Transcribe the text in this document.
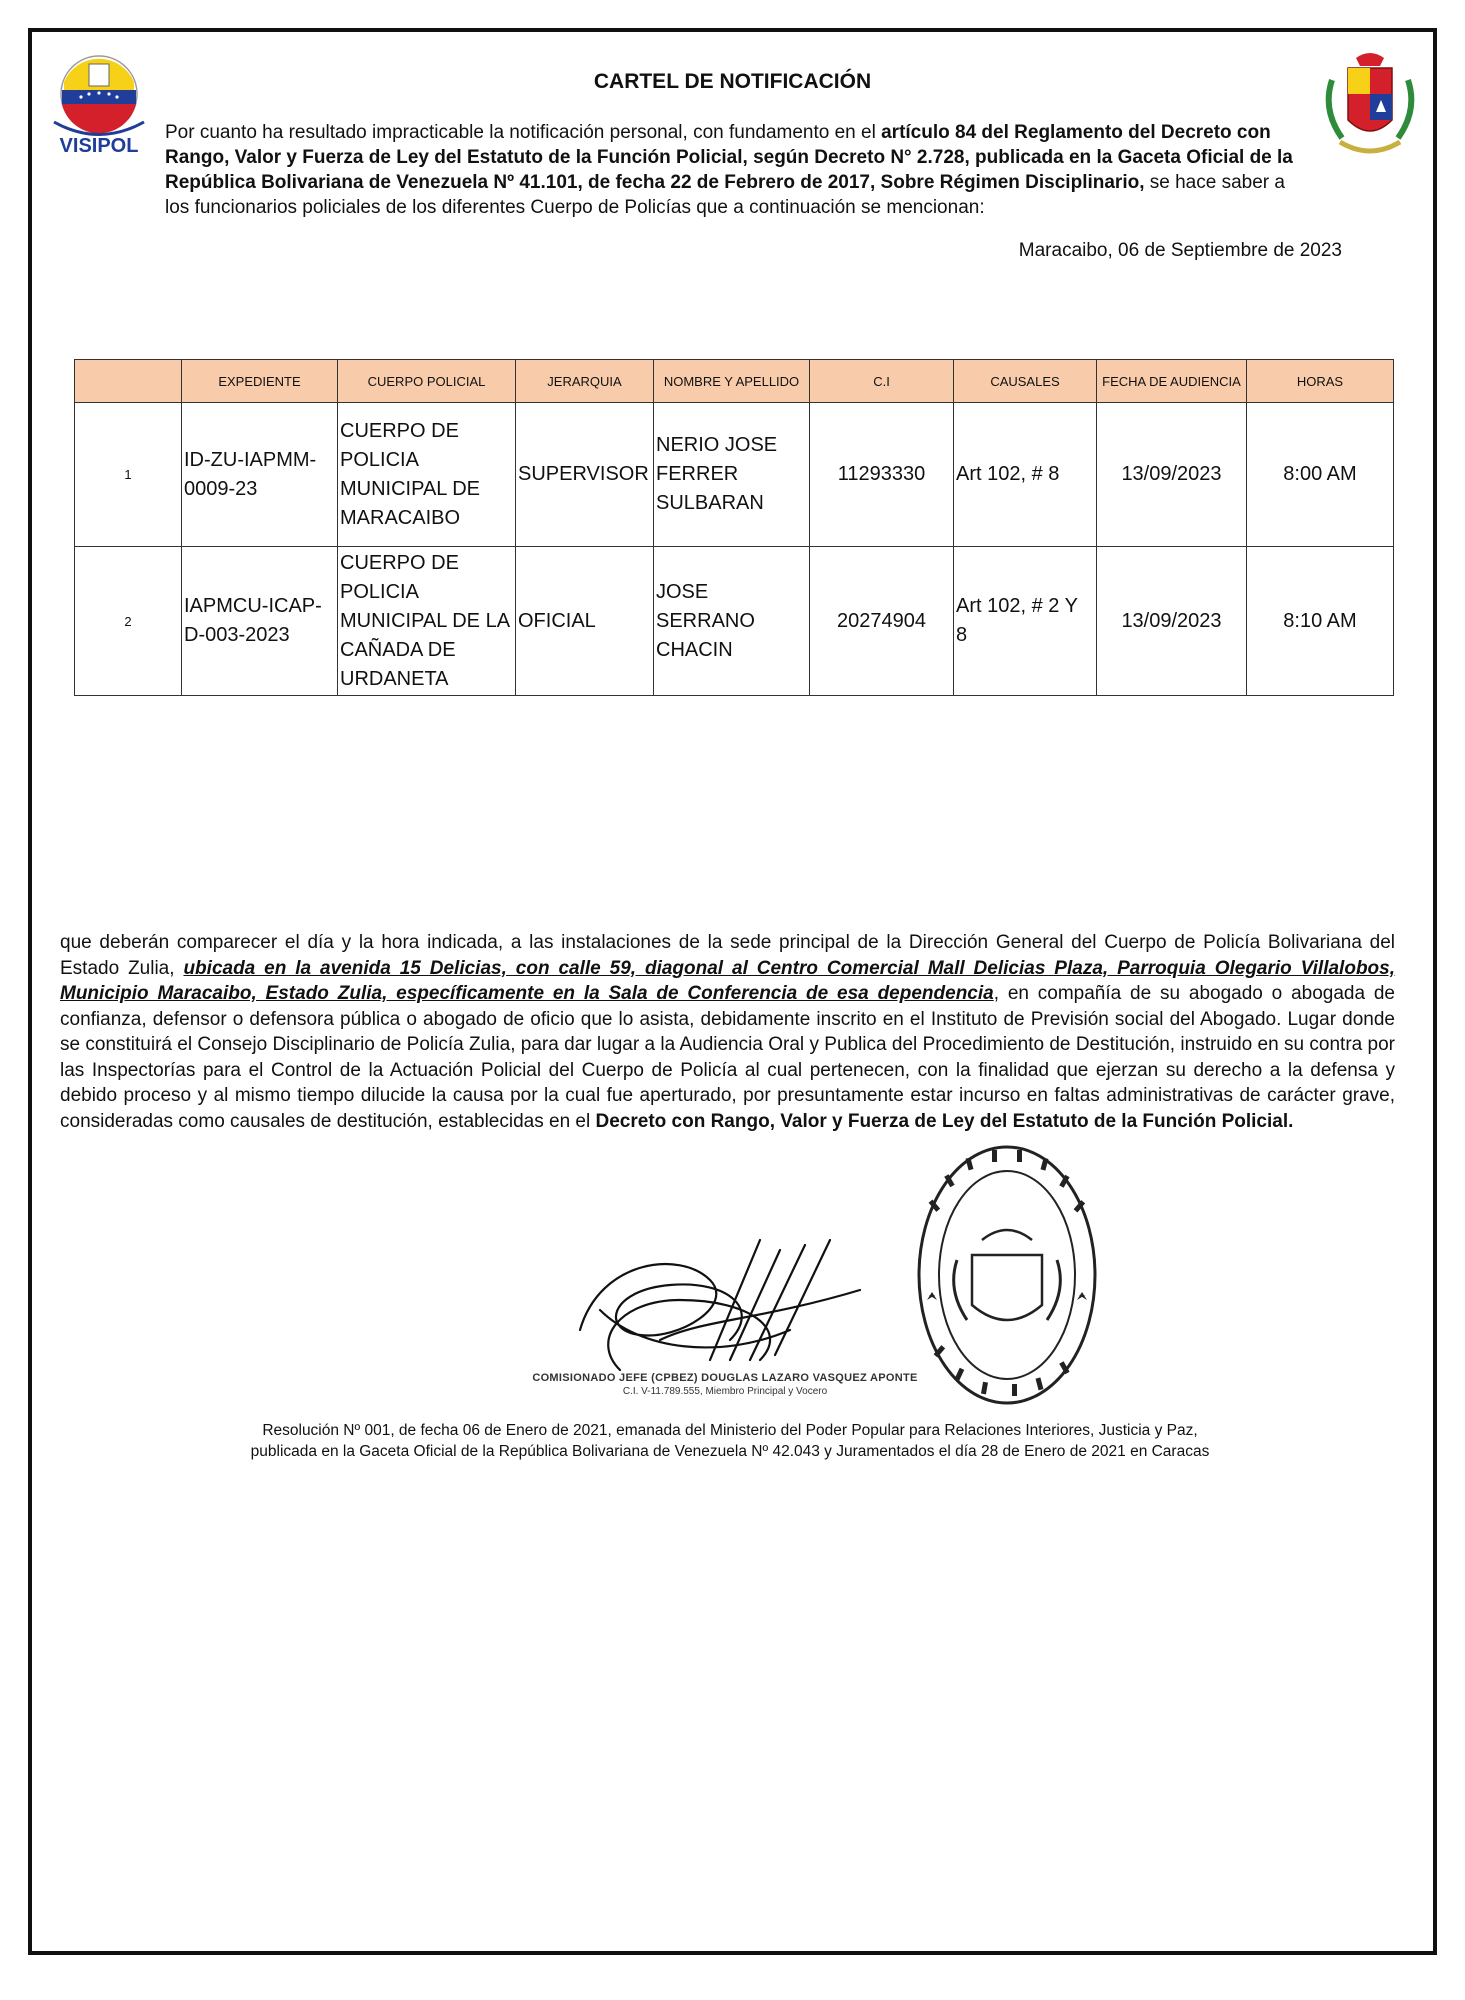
VISIPOL
CARTEL DE NOTIFICACIÓN
Por cuanto ha resultado impracticable la notificación personal, con fundamento en el artículo 84 del Reglamento del Decreto con Rango, Valor y Fuerza de Ley del Estatuto de la Función Policial, según Decreto N° 2.728, publicada en la Gaceta Oficial de la República Bolivariana de Venezuela Nº 41.101, de fecha 22 de Febrero de 2017, Sobre Régimen Disciplinario, se hace saber a los funcionarios policiales de los diferentes Cuerpo de Policías que a continuación se mencionan:
Maracaibo, 06 de Septiembre de 2023
	EXPEDIENTE	CUERPO POLICIAL	JERARQUIA	NOMBRE Y APELLIDO	C.I	CAUSALES	FECHA DE AUDIENCIA	HORAS
1	ID-ZU-IAPMM-0009-23	CUERPO DE POLICIA MUNICIPAL DE MARACAIBO	SUPERVISOR	NERIO JOSE FERRER SULBARAN	11293330	Art 102, # 8	13/09/2023	8:00 AM
2	IAPMCU-ICAP-D-003-2023	CUERPO DE POLICIA MUNICIPAL DE LA CAÑADA DE URDANETA	OFICIAL	JOSE SERRANO CHACIN	20274904	Art 102, # 2 Y 8	13/09/2023	8:10 AM
que deberán comparecer el día y la hora indicada, a las instalaciones de la sede principal de la Dirección General del Cuerpo de Policía Bolivariana del Estado Zulia, ubicada en la avenida 15 Delicias, con calle 59, diagonal al Centro Comercial Mall Delicias Plaza, Parroquia Olegario Villalobos, Municipio Maracaibo, Estado Zulia, específicamente en la Sala de Conferencia de esa dependencia, en compañía de su abogado o abogada de confianza, defensor o defensora pública o abogado de oficio que lo asista, debidamente inscrito en el Instituto de Previsión social del Abogado. Lugar donde se constituirá el Consejo Disciplinario de Policía Zulia, para dar lugar a la Audiencia Oral y Publica del Procedimiento de Destitución, instruido en su contra por las Inspectorías para el Control de la Actuación Policial del Cuerpo de Policía al cual pertenecen, con la finalidad que ejerzan su derecho a la defensa y debido proceso y al mismo tiempo dilucide la causa por la cual fue aperturado, por presuntamente estar incurso en faltas administrativas de carácter grave, consideradas como causales de destitución, establecidas en el Decreto con Rango, Valor y Fuerza de Ley del Estatuto de la Función Policial.
COMISIONADO JEFE (CPBEZ) DOUGLAS LAZARO VASQUEZ APONTE
C.I. V-11.789.555, Miembro Principal y Vocero
Resolución Nº 001, de fecha 06 de Enero de 2021, emanada del Ministerio del Poder Popular para Relaciones Interiores, Justicia y Paz,
publicada en la Gaceta Oficial de la República Bolivariana de Venezuela Nº 42.043 y Juramentados el día 28 de Enero de 2021 en Caracas
